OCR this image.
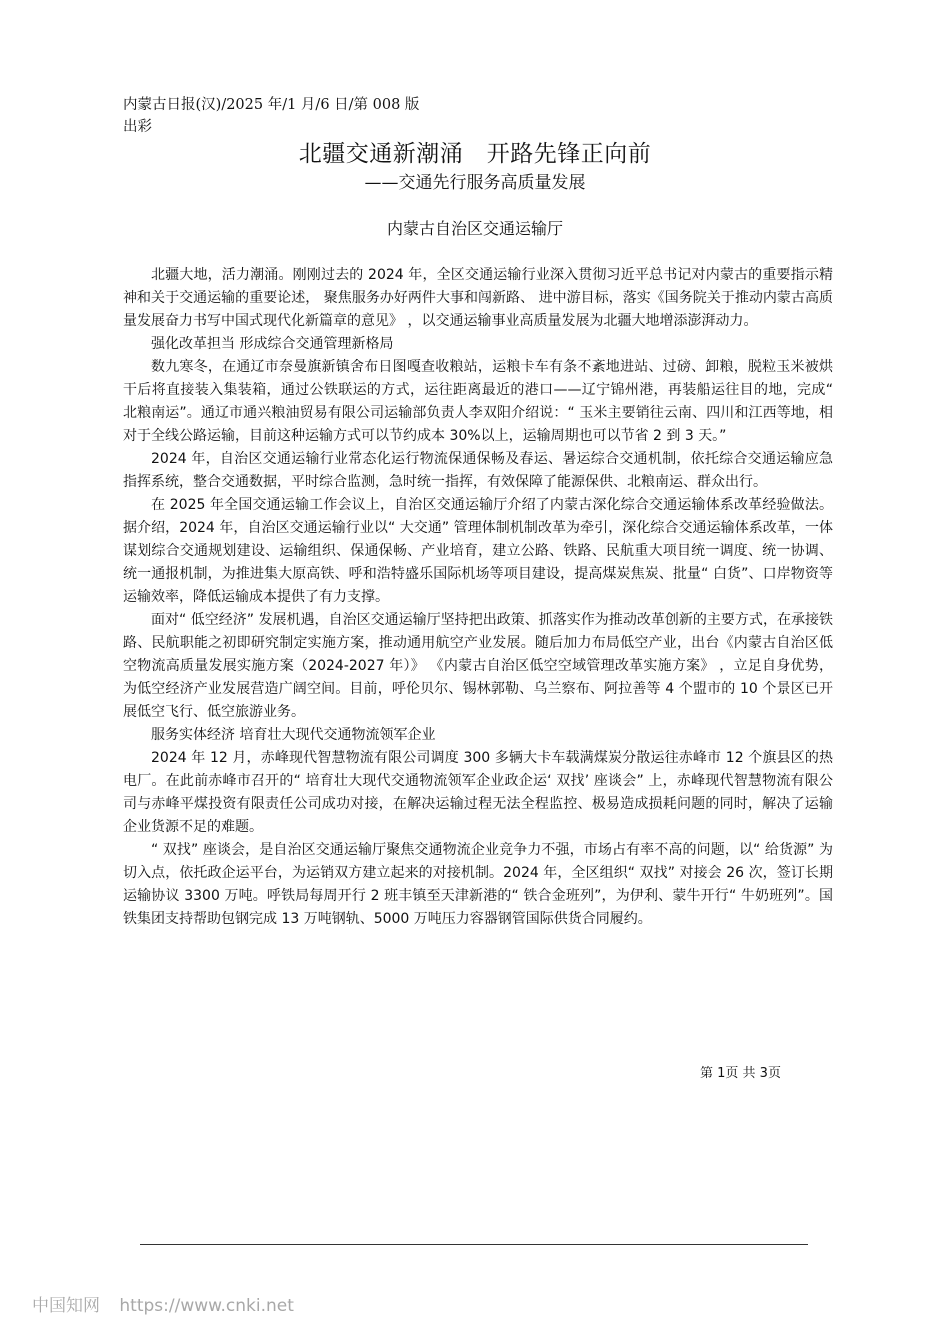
内蒙古日报(汉)/2025 年/1 月/6 日/第 008 版出彩
北疆交通新潮涌　开路先锋正向前
——交通先行服务高质量发展
内蒙古自治区交通运输厅

北疆大地，活力潮涌。刚刚过去的 2024 年，全区交通运输行业深入贯彻习近平总书记对内蒙古的重要指示精神和关于交通运输的重要论述， 聚焦服务办好两件大事和闯新路、 进中游目标，落实《国务院关于推动内蒙古高质量发展奋力书写中国式现代化新篇章的意见》 ，以交通运输事业高质量发展为北疆大地增添澎湃动力。

强化改革担当 形成综合交通管理新格局

数九寒冬，在通辽市奈曼旗新镇舍布日图嘎查收粮站，运粮卡车有条不紊地进站、过磅、卸粮，脱粒玉米被烘干后将直接装入集装箱，通过公铁联运的方式，运往距离最近的港口——辽宁锦州港，再装船运往目的地，完成“ 北粮南运”。通辽市通兴粮油贸易有限公司运输部负责人李双阳介绍说：“ 玉米主要销往云南、四川和江西等地，相对于全线公路运输，目前这种运输方式可以节约成本 30%以上，运输周期也可以节省 2 到 3 天。”

2024 年，自治区交通运输行业常态化运行物流保通保畅及春运、暑运综合交通机制，依托综合交通运输应急指挥系统，整合交通数据，平时综合监测，急时统一指挥，有效保障了能源保供、北粮南运、群众出行。

在 2025 年全国交通运输工作会议上，自治区交通运输厅介绍了内蒙古深化综合交通运输体系改革经验做法。据介绍，2024 年，自治区交通运输行业以“ 大交通” 管理体制机制改革为牵引，深化综合交通运输体系改革，一体谋划综合交通规划建设、运输组织、保通保畅、产业培育，建立公路、铁路、民航重大项目统一调度、统一协调、统一通报机制，为推进集大原高铁、呼和浩特盛乐国际机场等项目建设，提高煤炭焦炭、批量“ 白货”、口岸物资等运输效率，降低运输成本提供了有力支撑。

面对“ 低空经济” 发展机遇，自治区交通运输厅坚持把出政策、抓落实作为推动改革创新的主要方式，在承接铁路、民航职能之初即研究制定实施方案，推动通用航空产业发展。随后加力布局低空产业，出台《内蒙古自治区低空物流高质量发展实施方案（2024-2027 年）》 《内蒙古自治区低空空域管理改革实施方案》 ，立足自身优势，为低空经济产业发展营造广阔空间。目前，呼伦贝尔、锡林郭勒、乌兰察布、阿拉善等 4 个盟市的 10 个景区已开展低空飞行、低空旅游业务。

服务实体经济 培育壮大现代交通物流领军企业

2024 年 12 月，赤峰现代智慧物流有限公司调度 300 多辆大卡车载满煤炭分散运往赤峰市 12 个旗县区的热电厂。在此前赤峰市召开的“ 培育壮大现代交通物流领军企业政企运‘ 双找’ 座谈会” 上，赤峰现代智慧物流有限公司与赤峰平煤投资有限责任公司成功对接，在解决运输过程无法全程监控、极易造成损耗问题的同时，解决了运输企业货源不足的难题。

“ 双找” 座谈会，是自治区交通运输厅聚焦交通物流企业竞争力不强，市场占有率不高的问题，以“ 给货源” 为切入点，依托政企运平台，为运销双方建立起来的对接机制。2024 年，全区组织“ 双找” 对接会 26 次，签订长期运输协议 3300 万吨。呼铁局每周开行 2 班丰镇至天津新港的“ 铁合金班列”，为伊利、蒙牛开行“ 牛奶班列”。国铁集团支持帮助包钢完成 13 万吨钢轨、5000 万吨压力容器钢管国际供货合同履约。

第 1页 共 3页
中国知网 https://www.cnki.net
